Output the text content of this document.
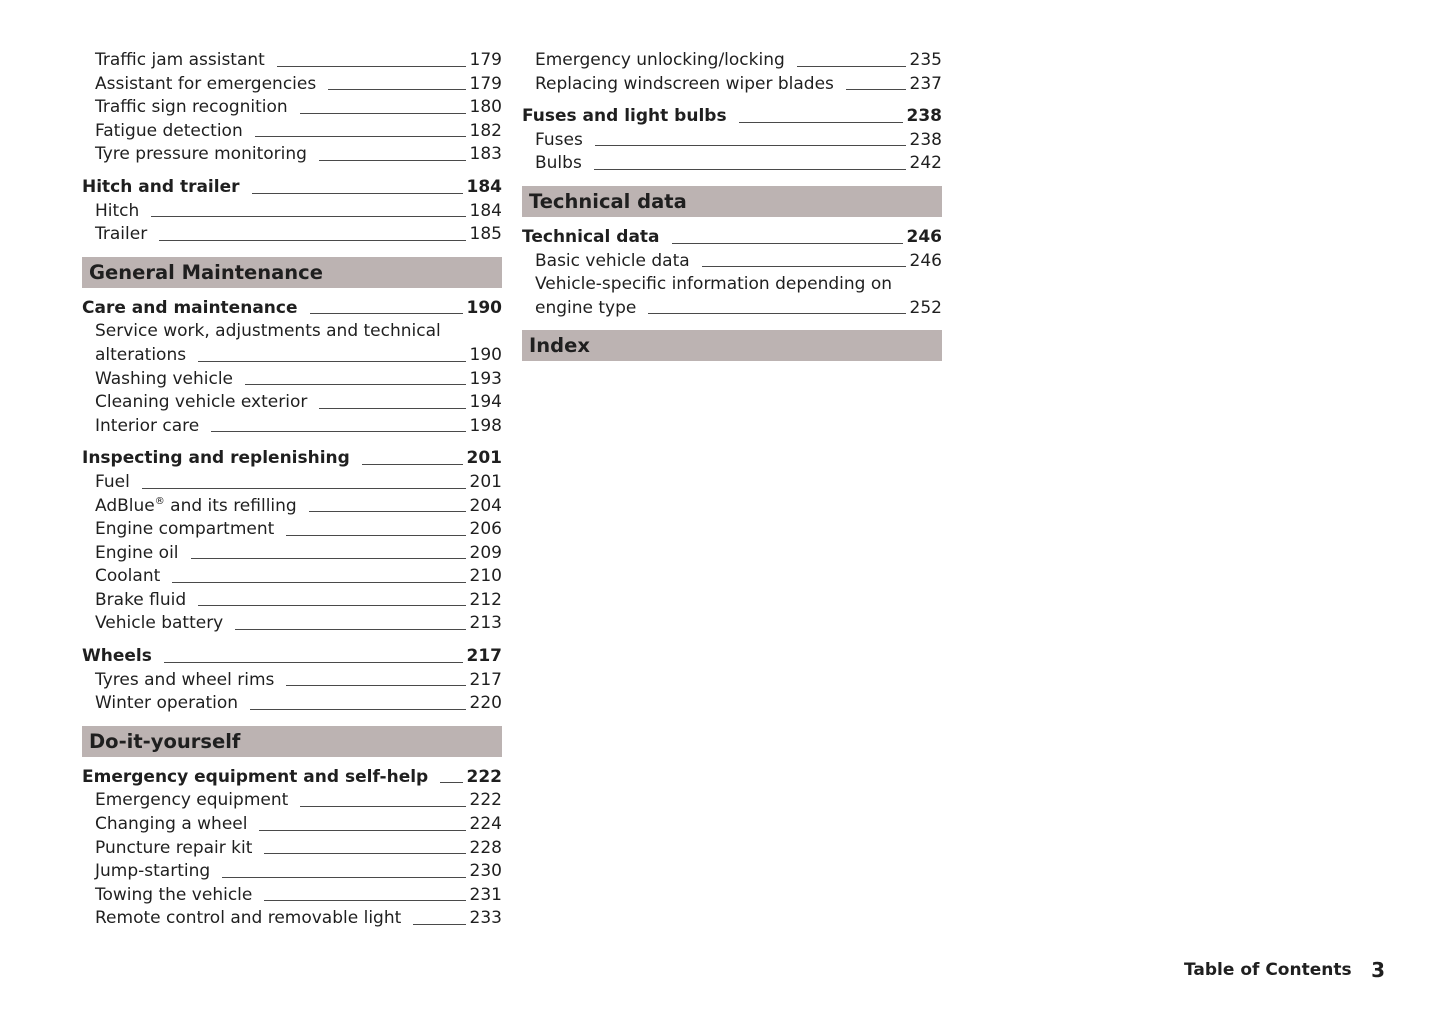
Traffic jam assistant	179
Assistant for emergencies	179
Traffic sign recognition	180
Fatigue detection	182
Tyre pressure monitoring	183
Hitch and trailer	184
Hitch	184
Trailer	185
General Maintenance
Care and maintenance	190
Service work, adjustments and technical
alterations	190
Washing vehicle	193
Cleaning vehicle exterior	194
Interior care	198
Inspecting and replenishing	201
Fuel	201
AdBlue® and its refilling	204
Engine compartment	206
Engine oil	209
Coolant	210
Brake fluid	212
Vehicle battery	213
Wheels	217
Tyres and wheel rims	217
Winter operation	220
Do-it-yourself
Emergency equipment and self-help 222
Emergency equipment	222
Changing a wheel	224
Puncture repair kit	228
Jump-starting	230
Towing the vehicle	231
Remote control and removable light	233
Emergency unlocking/locking	235
Replacing windscreen wiper blades	237
Fuses and light bulbs	238
Fuses	238
Bulbs	242
Technical data
Technical data	246
Basic vehicle data	246
Vehicle-specific information depending on
engine type	252
Index
Table of Contents 3
